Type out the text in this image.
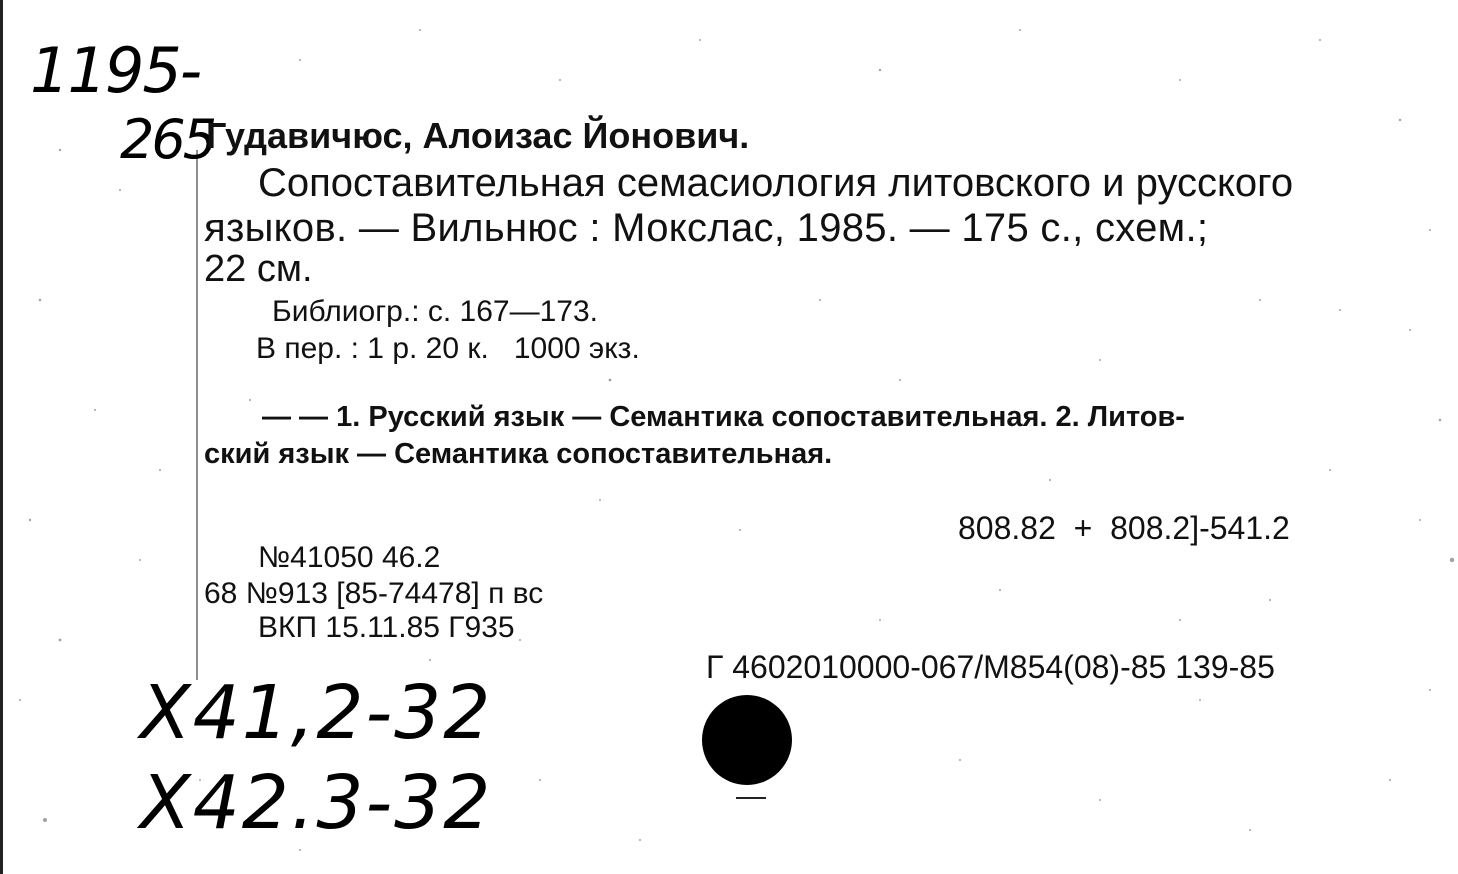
1195-
265
X41,2-32
X42.3-32
Гудавичюс, Алоизас Йонович.
Сопоставительная семасиология литовского и русского
языков. — Вильнюс : Мокслас, 1985. — 175 с., схем.;
22 см.
Библиогр.: с. 167—173.
В пер. : 1 р. 20 к.   1000 экз.
— — 1. Русский язык — Семантика сопоставительная. 2. Литов-
ский язык — Семантика сопоставительная.
808.82  +  808.2]-541.2
№41050 46.2
68 №913 [85-74478] п вс
ВКП 15.11.85 Г935
Г 4602010000-067/М854(08)-85 139-85
